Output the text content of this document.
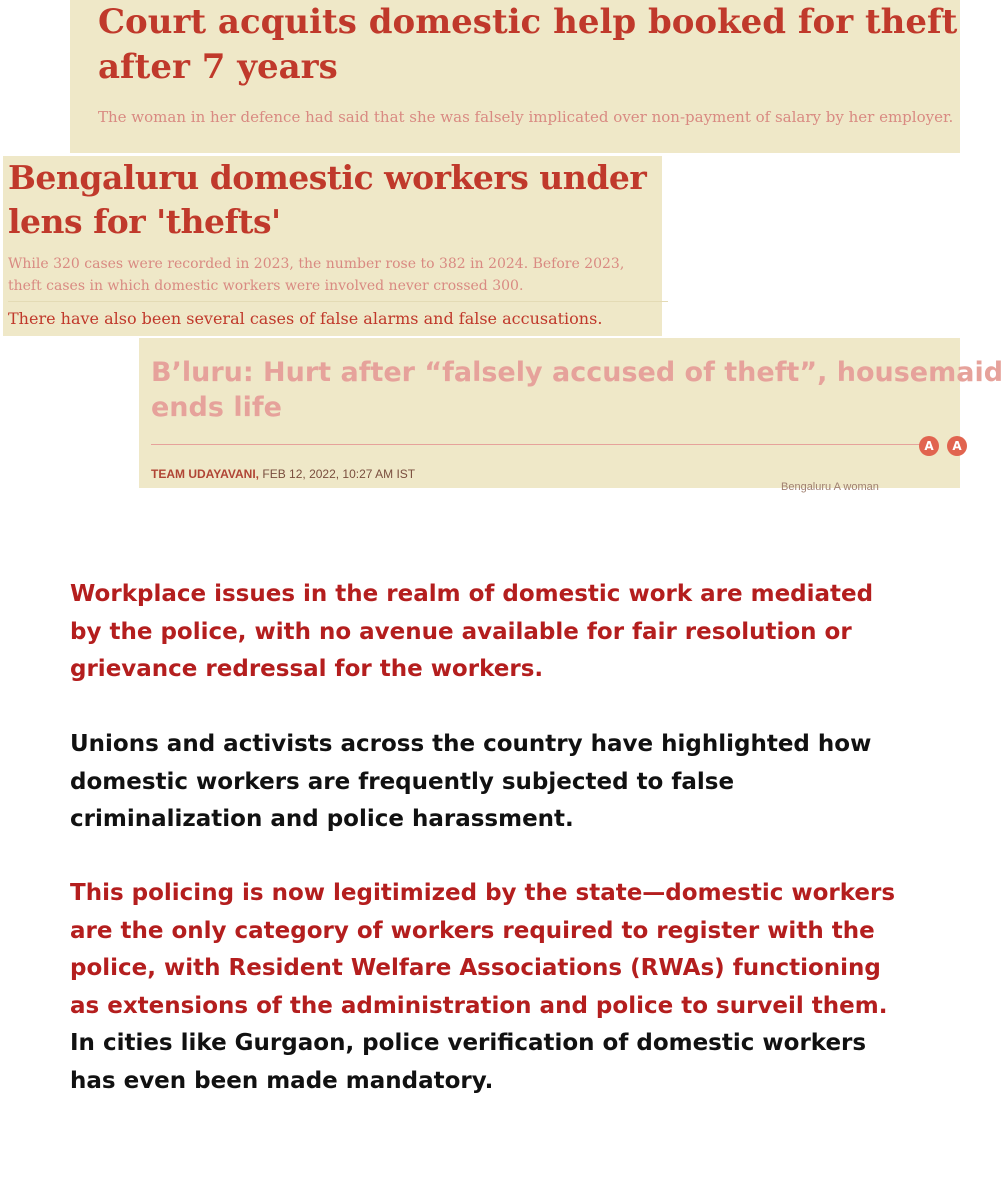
Court acquits domestic help booked for theft after 7 years

The woman in her defence had said that she was falsely implicated over non-payment of salary by her employer.

Bengaluru domestic workers under lens for 'thefts'

While 320 cases were recorded in 2023, the number rose to 382 in 2024. Before 2023, theft cases in which domestic workers were involved never crossed 300.

There have also been several cases of false alarms and false accusations.

B’luru: Hurt after “falsely accused of theft”, housemaid
ends life
A	A
TEAM UDAYAVANI, FEB 12, 2022, 10:27 AM IST
Bengaluru A woman

Workplace issues in the realm of domestic work are mediated by the police, with no avenue available for fair resolution or grievance redressal for the workers.

Unions and activists across the country have highlighted how domestic workers are frequently subjected to false criminalization and police harassment.

This policing is now legitimized by the state—domestic workers are the only category of workers required to register with the police, with Resident Welfare Associations (RWAs) functioning as extensions of the administration and police to surveil them. In cities like Gurgaon, police verification of domestic workers has even been made mandatory.
